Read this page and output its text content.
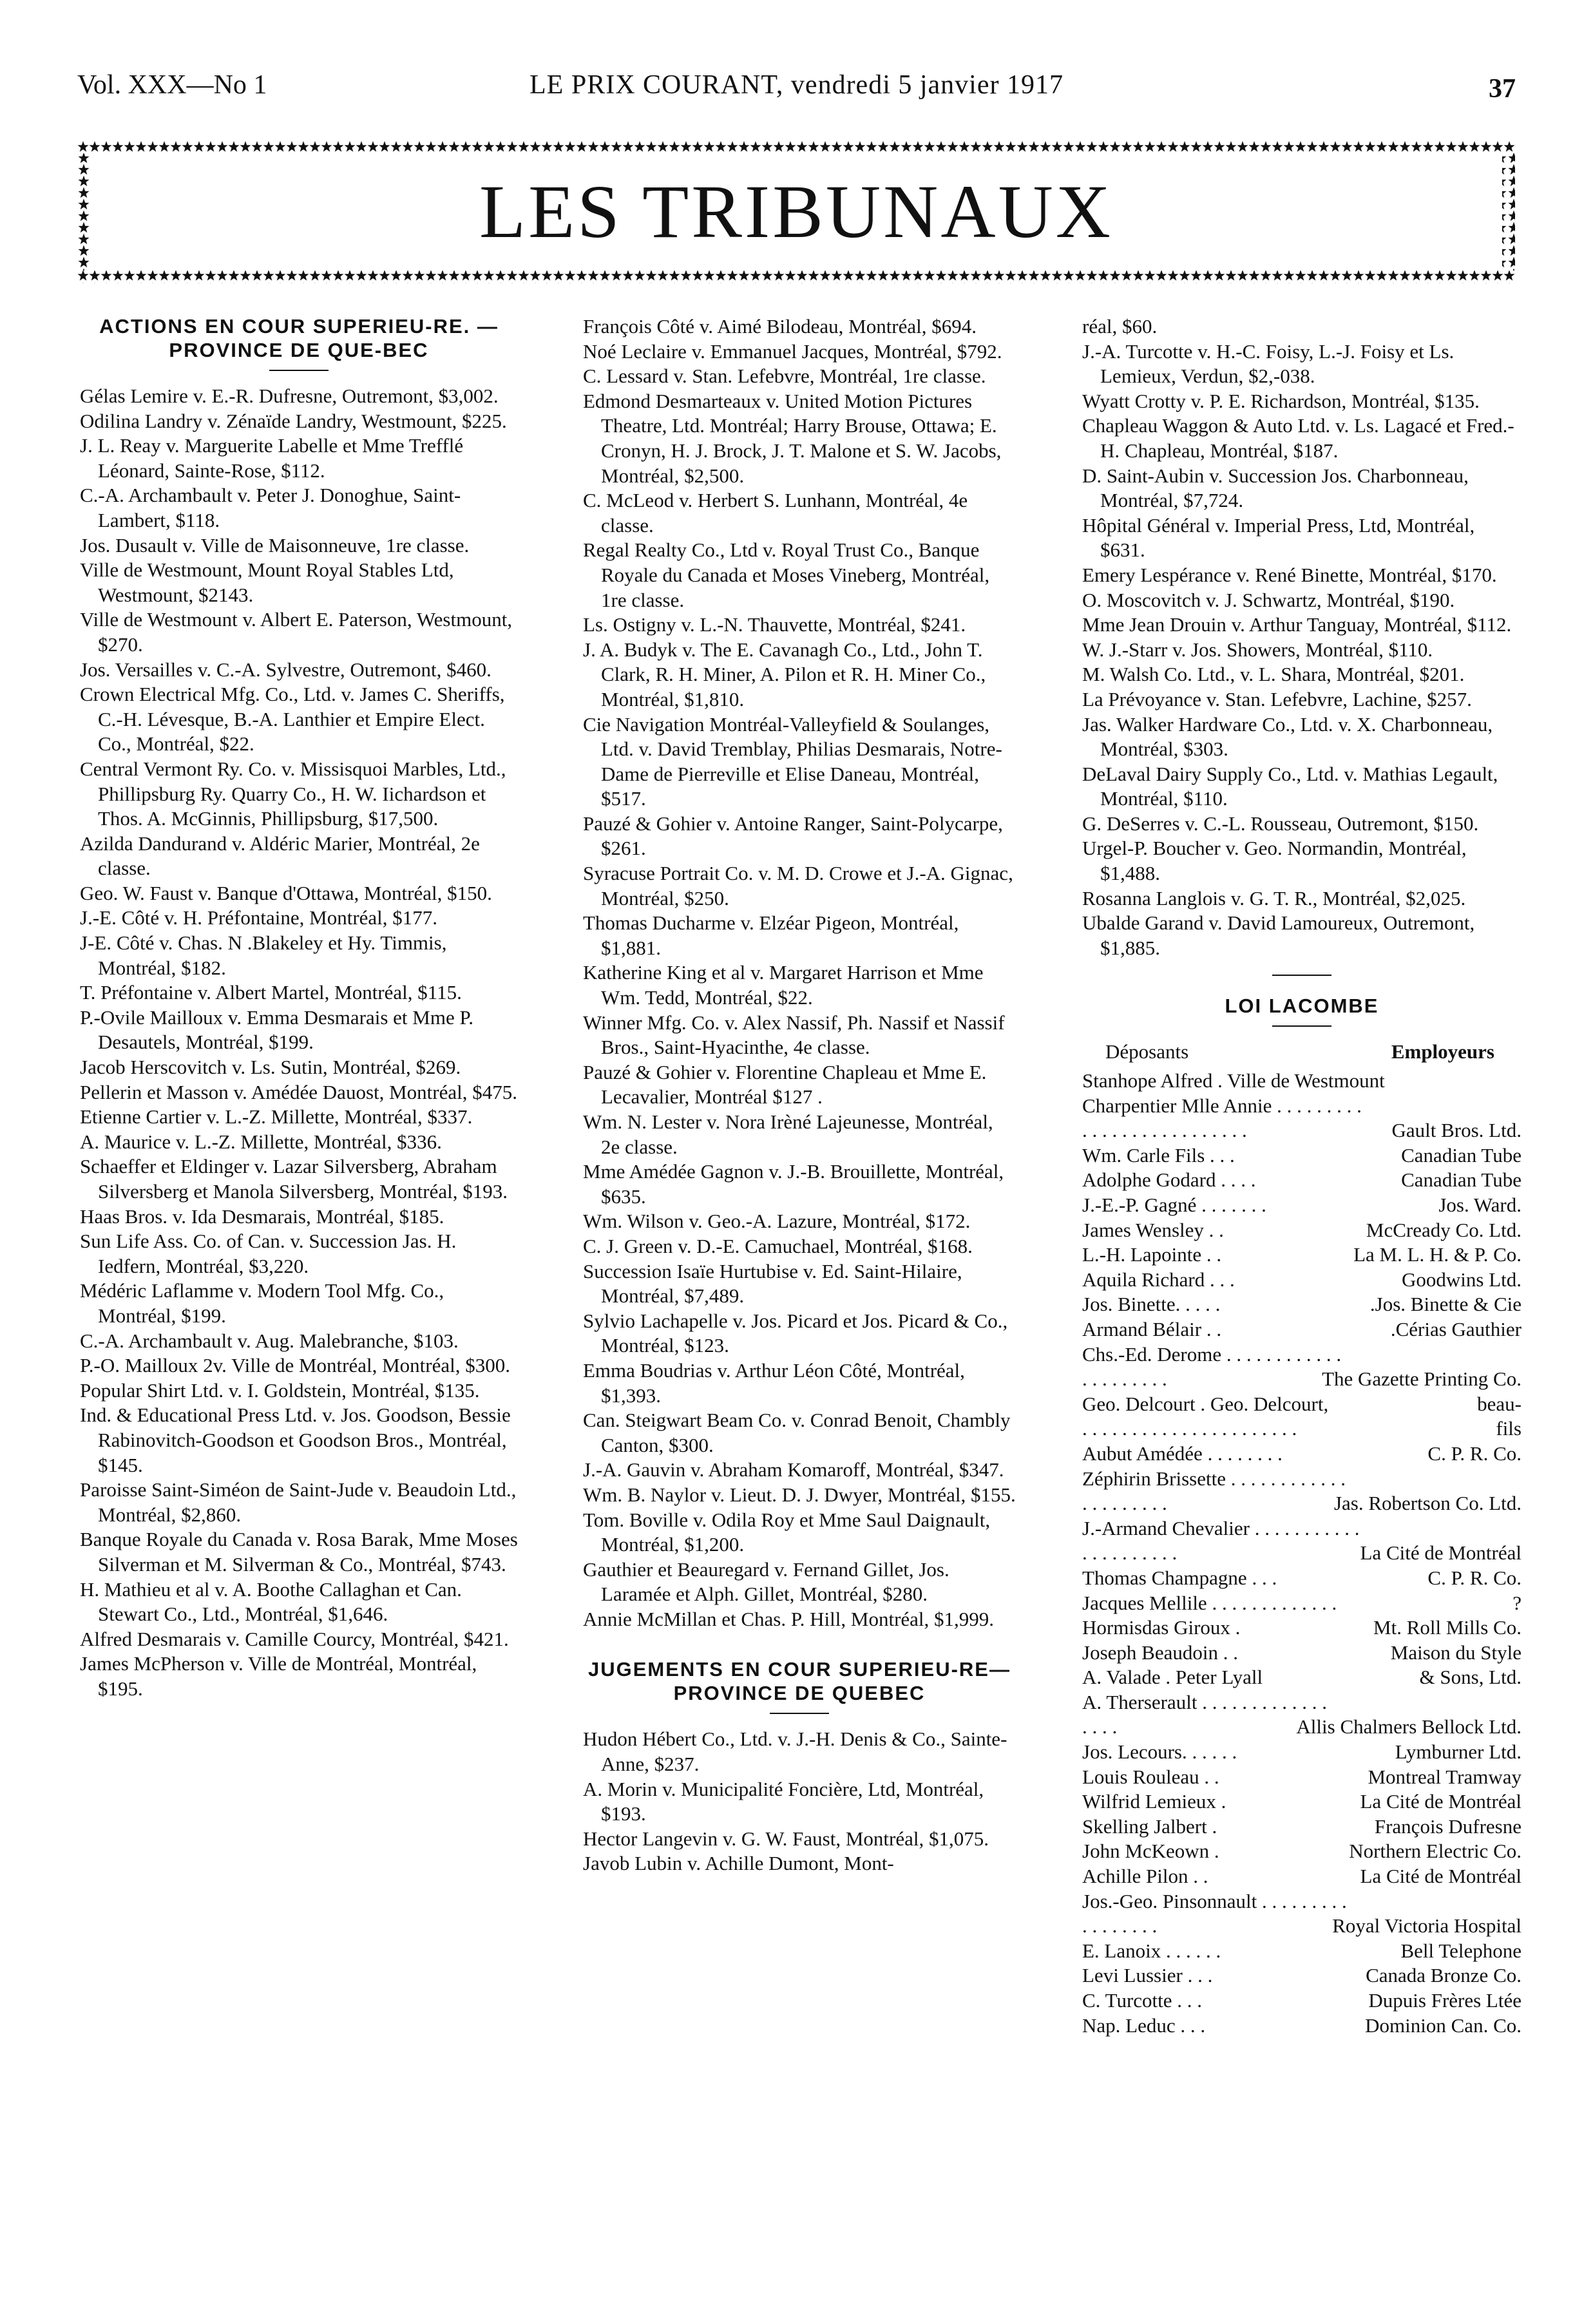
Vol. XXX—No 1	LE PRIX COURANT, vendredi 5 janvier 1917	37
LES TRIBUNAUX
ACTIONS EN COUR SUPERIEU-RE. — PROVINCE DE QUE-BEC

Gélas Lemire v. E.-R. Dufresne, Outremont, $3,002.

Odilina Landry v. Zénaïde Landry, Westmount, $225.

J. L. Reay v. Marguerite Labelle et Mme Trefflé Léonard, Sainte-Rose, $112.

C.-A. Archambault v. Peter J. Donoghue, Saint-Lambert, $118.

Jos. Dusault v. Ville de Maisonneuve, 1re classe.

Ville de Westmount, Mount Royal Stables Ltd, Westmount, $2143.

Ville de Westmount v. Albert E. Paterson, Westmount, $270.

Jos. Versailles v. C.-A. Sylvestre, Outremont, $460.

Crown Electrical Mfg. Co., Ltd. v. James C. Sheriffs, C.-H. Lévesque, B.-A. Lanthier et Empire Elect. Co., Montréal, $22.

Central Vermont Ry. Co. v. Missisquoi Marbles, Ltd., Phillipsburg Ry. Quarry Co., H. W. Iichardson et Thos. A. McGinnis, Phillipsburg, $17,500.

Azilda Dandurand v. Aldéric Marier, Montréal, 2e classe.

Geo. W. Faust v. Banque d'Ottawa, Montréal, $150.

J.-E. Côté v. H. Préfontaine, Montréal, $177.

J-E. Côté v. Chas. N .Blakeley et Hy. Timmis, Montréal, $182.

T. Préfontaine v. Albert Martel, Montréal, $115.

P.-Ovile Mailloux v. Emma Desmarais et Mme P. Desautels, Montréal, $199.

Jacob Herscovitch v. Ls. Sutin, Montréal, $269.

Pellerin et Masson v. Amédée Dauost, Montréal, $475.

Etienne Cartier v. L.-Z. Millette, Montréal, $337.

A. Maurice v. L.-Z. Millette, Montréal, $336.

Schaeffer et Eldinger v. Lazar Silversberg, Abraham Silversberg et Manola Silversberg, Montréal, $193.

Haas Bros. v. Ida Desmarais, Montréal, $185.

Sun Life Ass. Co. of Can. v. Succession Jas. H. Iedfern, Montréal, $3,220.

Médéric Laflamme v. Modern Tool Mfg. Co., Montréal, $199.

C.-A. Archambault v. Aug. Malebranche, $103.

P.-O. Mailloux 2v. Ville de Montréal, Montréal, $300.

Popular Shirt Ltd. v. I. Goldstein, Montréal, $135.

Ind. & Educational Press Ltd. v. Jos. Goodson, Bessie Rabinovitch-Goodson et Goodson Bros., Montréal, $145.

Paroisse Saint-Siméon de Saint-Jude v. Beaudoin Ltd., Montréal, $2,860.

Banque Royale du Canada v. Rosa Barak, Mme Moses Silverman et M. Silverman & Co., Montréal, $743.

H. Mathieu et al v. A. Boothe Callaghan et Can. Stewart Co., Ltd., Montréal, $1,646.

Alfred Desmarais v. Camille Courcy, Montréal, $421.

James McPherson v. Ville de Montréal, Montréal, $195.

François Côté v. Aimé Bilodeau, Montréal, $694.

Noé Leclaire v. Emmanuel Jacques, Montréal, $792.

C. Lessard v. Stan. Lefebvre, Montréal, 1re classe.

Edmond Desmarteaux v. United Motion Pictures Theatre, Ltd. Montréal; Harry Brouse, Ottawa; E. Cronyn, H. J. Brock, J. T. Malone et S. W. Jacobs, Montréal, $2,500.

C. McLeod v. Herbert S. Lunhann, Montréal, 4e classe.

Regal Realty Co., Ltd v. Royal Trust Co., Banque Royale du Canada et Moses Vineberg, Montréal, 1re classe.

Ls. Ostigny v. L.-N. Thauvette, Montréal, $241.

J. A. Budyk v. The E. Cavanagh Co., Ltd., John T. Clark, R. H. Miner, A. Pilon et R. H. Miner Co., Montréal, $1,810.

Cie Navigation Montréal-Valleyfield & Soulanges, Ltd. v. David Tremblay, Philias Desmarais, Notre-Dame de Pierreville et Elise Daneau, Montréal, $517.

Pauzé & Gohier v. Antoine Ranger, Saint-Polycarpe, $261.

Syracuse Portrait Co. v. M. D. Crowe et J.-A. Gignac, Montréal, $250.

Thomas Ducharme v. Elzéar Pigeon, Montréal, $1,881.

Katherine King et al v. Margaret Harrison et Mme Wm. Tedd, Montréal, $22.

Winner Mfg. Co. v. Alex Nassif, Ph. Nassif et Nassif Bros., Saint-Hyacinthe, 4e classe.

Pauzé & Gohier v. Florentine Chapleau et Mme E. Lecavalier, Montréal $127 .

Wm. N. Lester v. Nora Irèné Lajeunesse, Montréal, 2e classe.

Mme Amédée Gagnon v. J.-B. Brouillette, Montréal, $635.

Wm. Wilson v. Geo.-A. Lazure, Montréal, $172.

C. J. Green v. D.-E. Camuchael, Montréal, $168.

Succession Isaïe Hurtubise v. Ed. Saint-Hilaire, Montréal, $7,489.

Sylvio Lachapelle v. Jos. Picard et Jos. Picard & Co., Montréal, $123.

Emma Boudrias v. Arthur Léon Côté, Montréal, $1,393.

Can. Steigwart Beam Co. v. Conrad Benoit, Chambly Canton, $300.

J.-A. Gauvin v. Abraham Komaroff, Montréal, $347.

Wm. B. Naylor v. Lieut. D. J. Dwyer, Montréal, $155.

Tom. Boville v. Odila Roy et Mme Saul Daignault, Montréal, $1,200.

Gauthier et Beauregard v. Fernand Gillet, Jos. Laramée et Alph. Gillet, Montréal, $280.

Annie McMillan et Chas. P. Hill, Montréal, $1,999.

JUGEMENTS EN COUR SUPERIEU-RE—PROVINCE DE QUEBEC

Hudon Hébert Co., Ltd. v. J.-H. Denis & Co., Sainte-Anne, $237.

A. Morin v. Municipalité Foncière, Ltd, Montréal, $193.

Hector Langevin v. G. W. Faust, Montréal, $1,075.

Javob Lubin v. Achille Dumont, Mont-

réal, $60.

J.-A. Turcotte v. H.-C. Foisy, L.-J. Foisy et Ls. Lemieux, Verdun, $2,-038.

Wyatt Crotty v. P. E. Richardson, Montréal, $135.

Chapleau Waggon & Auto Ltd. v. Ls. Lagacé et Fred.-H. Chapleau, Montréal, $187.

D. Saint-Aubin v. Succession Jos. Charbonneau, Montréal, $7,724.

Hôpital Général v. Imperial Press, Ltd, Montréal, $631.

Emery Lespérance v. René Binette, Montréal, $170.

O. Moscovitch v. J. Schwartz, Montréal, $190.

Mme Jean Drouin v. Arthur Tanguay, Montréal, $112.

W. J.-Starr v. Jos. Showers, Montréal, $110.

M. Walsh Co. Ltd., v. L. Shara, Montréal, $201.

La Prévoyance v. Stan. Lefebvre, Lachine, $257.

Jas. Walker Hardware Co., Ltd. v. X. Charbonneau, Montréal, $303.

DeLaval Dairy Supply Co., Ltd. v. Mathias Legault, Montréal, $110.

G. DeSerres v. C.-L. Rousseau, Outremont, $150.

Urgel-P. Boucher v. Geo. Normandin, Montréal, $1,488.

Rosanna Langlois v. G. T. R., Montréal, $2,025.

Ubalde Garand v. David Lamoureux, Outremont, $1,885.

LOI LACOMBE
Déposants	Employeurs
Stanhope Alfred . Ville de Westmount
Charpentier Mlle Annie . . . . . . . . .
. . . . . . . . . . . . . . . . .	Gault Bros. Ltd.
Wm. Carle Fils . . .	Canadian Tube
Adolphe Godard . . . .	Canadian Tube
J.-E.-P. Gagné . . . . . . .	Jos. Ward.
James Wensley . .	McCready Co. Ltd.
L.-H. Lapointe . .	La M. L. H. & P. Co.
Aquila Richard . . .	Goodwins Ltd.
Jos. Binette. . . . .	.Jos. Binette & Cie
Armand Bélair . .	.Cérias Gauthier
Chs.-Ed. Derome . . . . . . . . . . . .
. . . . . . . . .	The Gazette Printing Co.
Geo. Delcourt . Geo. Delcourt,	beau-
. . . . . . . . . . . . . . . . . . . . . .	fils
Aubut Amédée . . . . . . . .	C. P. R. Co.
Zéphirin Brissette . . . . . . . . . . . .
. . . . . . . . .	Jas. Robertson Co. Ltd.
J.-Armand Chevalier . . . . . . . . . . .
. . . . . . . . . .	La Cité de Montréal
Thomas Champagne . . .	C. P. R. Co.
Jacques Mellile . . . . . . . . . . . . .	?
Hormisdas Giroux .	Mt. Roll Mills Co.
Joseph Beaudoin . .	Maison du Style
A. Valade . Peter Lyall	& Sons, Ltd.
A. Therserault . . . . . . . . . . . . .
. . . .	Allis Chalmers Bellock Ltd.
Jos. Lecours. . . . . .	Lymburner Ltd.
Louis Rouleau . .	Montreal Tramway
Wilfrid Lemieux .	La Cité de Montréal
Skelling Jalbert .	François Dufresne
John McKeown .	Northern Electric Co.
Achille Pilon . .	La Cité de Montréal
Jos.-Geo. Pinsonnault . . . . . . . . .
. . . . . . . .	Royal Victoria Hospital
E. Lanoix . . . . . .	Bell Telephone
Levi Lussier . . .	Canada Bronze Co.
C. Turcotte . . .	Dupuis Frères Ltée
Nap. Leduc . . .	Dominion Can. Co.
